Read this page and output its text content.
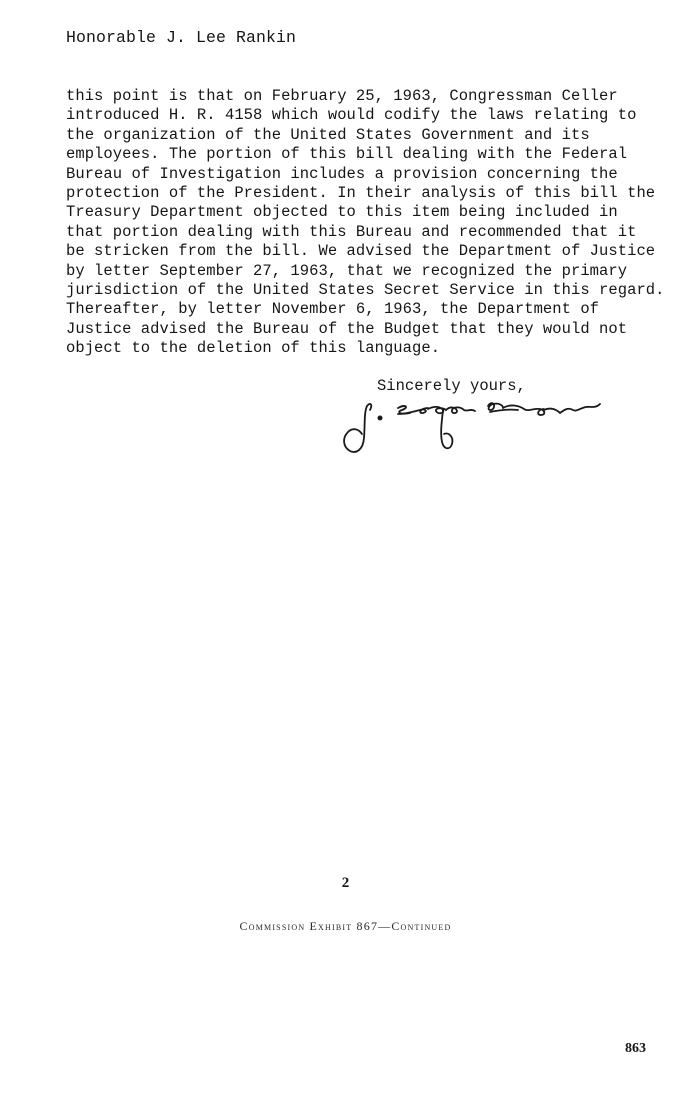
Honorable J. Lee Rankin
this point is that on February 25, 1963, Congressman Celler
introduced H. R. 4158 which would codify the laws relating to
the organization of the United States Government and its
employees. The portion of this bill dealing with the Federal
Bureau of Investigation includes a provision concerning the
protection of the President. In their analysis of this bill the
Treasury Department objected to this item being included in
that portion dealing with this Bureau and recommended that it
be stricken from the bill. We advised the Department of Justice
by letter September 27, 1963, that we recognized the primary
jurisdiction of the United States Secret Service in this regard.
Thereafter, by letter November 6, 1963, the Department of
Justice advised the Bureau of the Budget that they would not
object to the deletion of this language.
Sincerely yours,
2
Commission Exhibit 867—Continued
863
